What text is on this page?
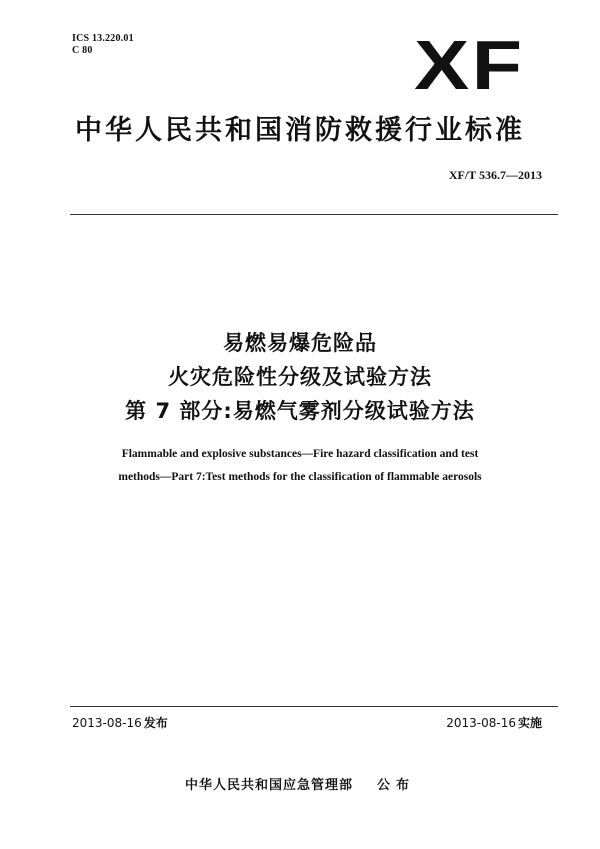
ICS 13.220.01
C 80	XF
中华人民共和国消防救援行业标准
XF/T 536.7—2013
易燃易爆危险品
火灾危险性分级及试验方法
第 7 部分:易燃气雾剂分级试验方法
Flammable and explosive substances—Fire hazard classification and test
methods—Part 7:Test methods for the classification of flammable aerosols
2013-08-16 发布	2013-08-16 实施
中华人民共和国应急管理部 公布
